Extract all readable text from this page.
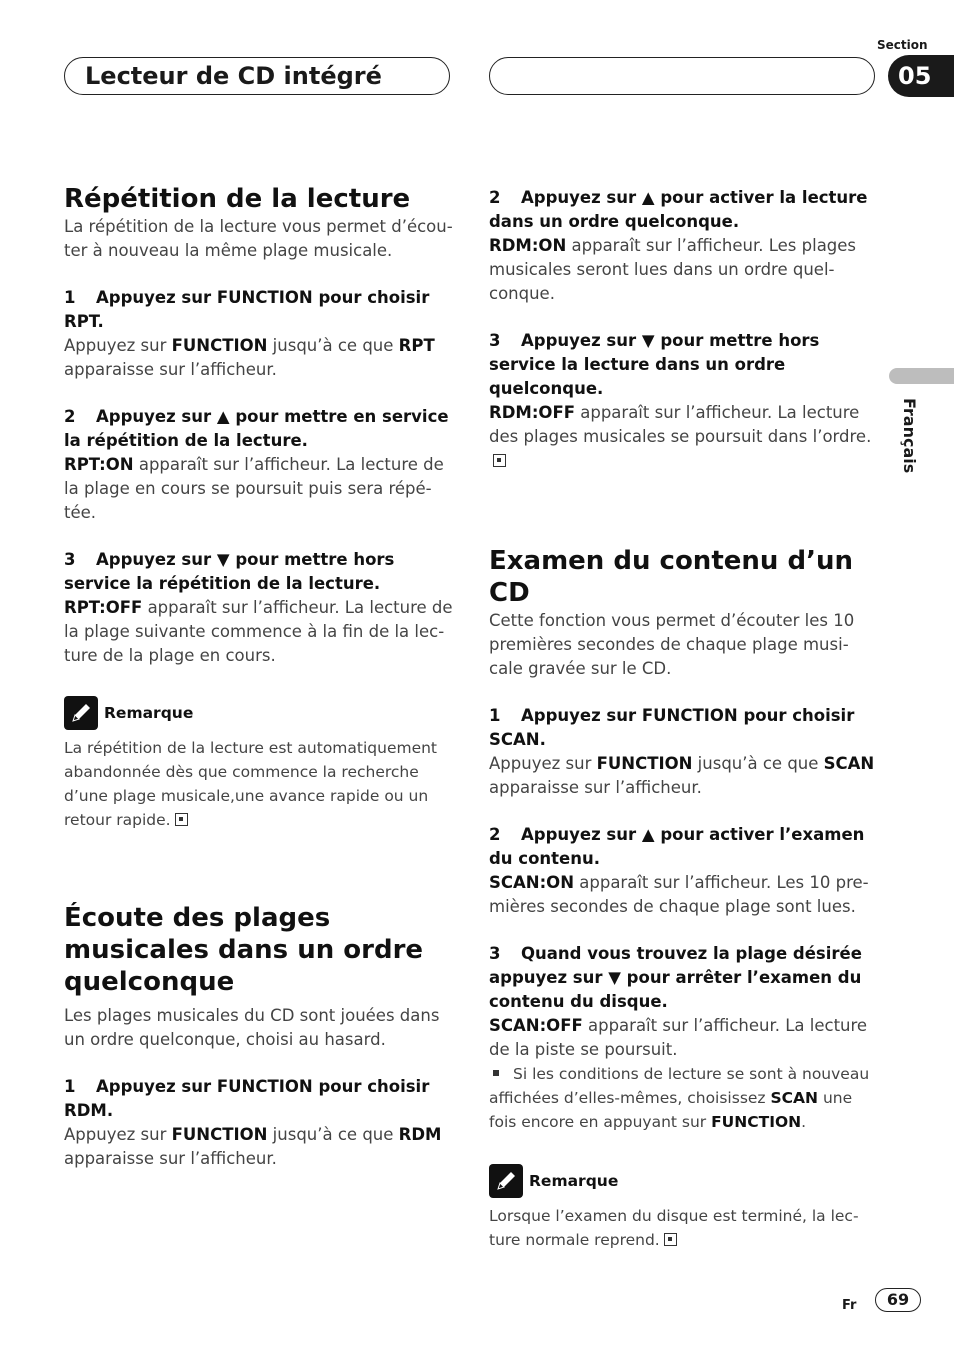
Lecteur de CD intégré
Section
05
Français
Répétition de la lecture

La répétition de la lecture vous permet d’écou-ter à nouveau la même plage musicale.

1 Appuyez sur FUNCTION pour choisir RPT.

Appuyez sur FUNCTION jusqu’à ce que RPT apparaisse sur l’afficheur.

2 Appuyez sur ▲ pour mettre en service la répétition de la lecture.

RPT:ON apparaît sur l’afficheur. La lecture de la plage en cours se poursuit puis sera répé-tée.

3 Appuyez sur ▼ pour mettre hors service la répétition de la lecture.

RPT:OFF apparaît sur l’afficheur. La lecture de la plage suivante commence à la fin de la lec-ture de la plage en cours.

Remarque

La répétition de la lecture est automatiquement abandonnée dès que commence la recherche d’une plage musicale,une avance rapide ou un retour rapide.

Écoute des plages musicales dans un ordre quelconque

Les plages musicales du CD sont jouées dans un ordre quelconque, choisi au hasard.

1 Appuyez sur FUNCTION pour choisir RDM.

Appuyez sur FUNCTION jusqu’à ce que RDM apparaisse sur l’afficheur.

2 Appuyez sur ▲ pour activer la lecture dans un ordre quelconque.

RDM:ON apparaît sur l’afficheur. Les plages musicales seront lues dans un ordre quel-conque.

3 Appuyez sur ▼ pour mettre hors service la lecture dans un ordre quelconque.

RDM:OFF apparaît sur l’afficheur. La lecture des plages musicales se poursuit dans l’ordre.

Examen du contenu d’un CD

Cette fonction vous permet d’écouter les 10 premières secondes de chaque plage musi-cale gravée sur le CD.

1 Appuyez sur FUNCTION pour choisir SCAN.

Appuyez sur FUNCTION jusqu’à ce que SCAN apparaisse sur l’afficheur.

2 Appuyez sur ▲ pour activer l’examen du contenu.

SCAN:ON apparaît sur l’afficheur. Les 10 pre-mières secondes de chaque plage sont lues.

3 Quand vous trouvez la plage désirée appuyez sur ▼ pour arrêter l’examen du contenu du disque.

SCAN:OFF apparaît sur l’afficheur. La lecture de la piste se poursuit.

Si les conditions de lecture se sont à nouveau affichées d’elles-mêmes, choisissez SCAN une fois encore en appuyant sur FUNCTION.
Remarque

Lorsque l’examen du disque est terminé, la lec-ture normale reprend.

Fr	69
